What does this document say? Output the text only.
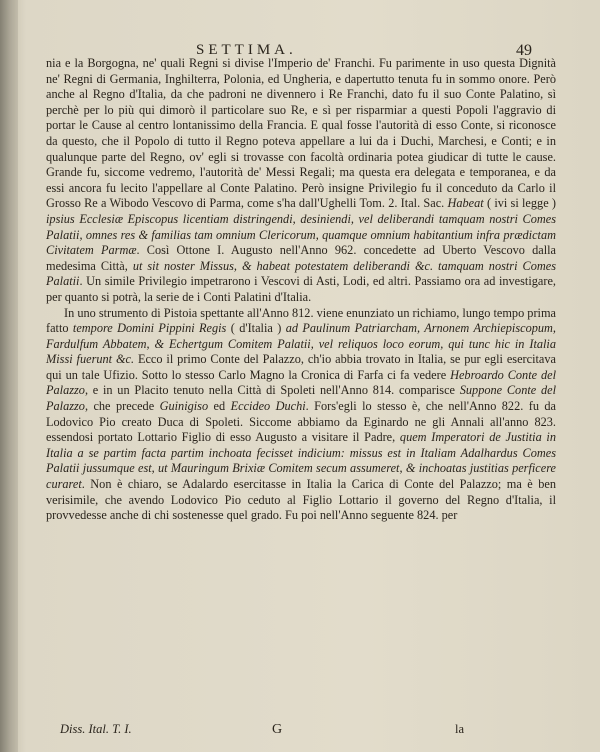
SETTIMA.	49

nia e la Borgogna, ne' quali Regni si divise l'Imperio de' Franchi. Fu parimente in uso questa Dignità ne' Regni di Germania, Inghilterra, Polonia, ed Ungheria, e dapertutto tenuta fu in sommo onore. Però anche al Regno d'Italia, da che padroni ne divennero i Re Franchi, dato fu il suo Conte Palatino, sì perchè per lo più qui dimorò il particolare suo Re, e sì per risparmiar a questi Popoli l'aggravio di portar le Cause al centro lontanissimo della Francia. E qual fosse l'autorità di esso Conte, si riconosce da questo, che il Popolo di tutto il Regno poteva appellare a lui da i Duchi, Marchesi, e Conti; e in qualunque parte del Regno, ov' egli si trovasse con facoltà ordinaria potea giudicar di tutte le cause. Grande fu, siccome vedremo, l'autorità de' Messi Regali; ma questa era delegata e temporanea, e da essi ancora fu lecito l'appellare al Conte Palatino. Però insigne Privilegio fu il conceduto da Carlo il Grosso Re a Wibodo Vescovo di Parma, come s'ha dall'Ughelli Tom. 2. Ital. Sac. Habeat ( ivi si legge ) ipsius Ecclesiæ Episcopus licentiam distringendi, desiniendi, vel deliberandi tamquam nostri Comes Palatii, omnes res & familias tam omnium Clericorum, quamque omnium habitantium infra prædictam Civitatem Parmæ. Così Ottone I. Augusto nell'Anno 962. concedette ad Uberto Vescovo dalla medesima Città, ut sit noster Missus, & habeat potestatem deliberandi &c. tamquam nostri Comes Palatii. Un simile Privilegio impetrarono i Vescovi di Asti, Lodi, ed altri. Passiamo ora ad investigare, per quanto si potrà, la serie de i Conti Palatini d'Italia.

In uno strumento di Pistoia spettante all'Anno 812. viene enunziato un richiamo, lungo tempo prima fatto tempore Domini Pippini Regis ( d'Italia ) ad Paulinum Patriarcham, Arnonem Archiepiscopum, Fardulfum Abbatem, & Echertgum Comitem Palatii, vel reliquos loco eorum, qui tunc hic in Italia Missi fuerunt &c. Ecco il primo Conte del Palazzo, ch'io abbia trovato in Italia, se pur egli esercitava qui un tale Ufizio. Sotto lo stesso Carlo Magno la Cronica di Farfa ci fa vedere Hebroardo Conte del Palazzo, e in un Placito tenuto nella Città di Spoleti nell'Anno 814. comparisce Suppone Conte del Palazzo, che precede Guinigiso ed Eccideo Duchi. Fors'egli lo stesso è, che nell'Anno 822. fu da Lodovico Pio creato Duca di Spoleti. Siccome abbiamo da Eginardo ne gli Annali all'anno 823. essendosi portato Lottario Figlio di esso Augusto a visitare il Padre, quem Imperatori de Justitia in Italia a se partim facta partim inchoata fecisset indicium: missus est in Italiam Adalhardus Comes Palatii jussumque est, ut Mauringum Brixiæ Comitem secum assumeret, & inchoatas justitias perficere curaret. Non è chiaro, se Adalardo esercitasse in Italia la Carica di Conte del Palazzo; ma è ben verisimile, che avendo Lodovico Pio ceduto al Figlio Lottario il governo del Regno d'Italia, il provvedesse anche di chi sostenesse quel grado. Fu poi nell'Anno seguente 824. per

Diss. Ital. T. I.	G	la
